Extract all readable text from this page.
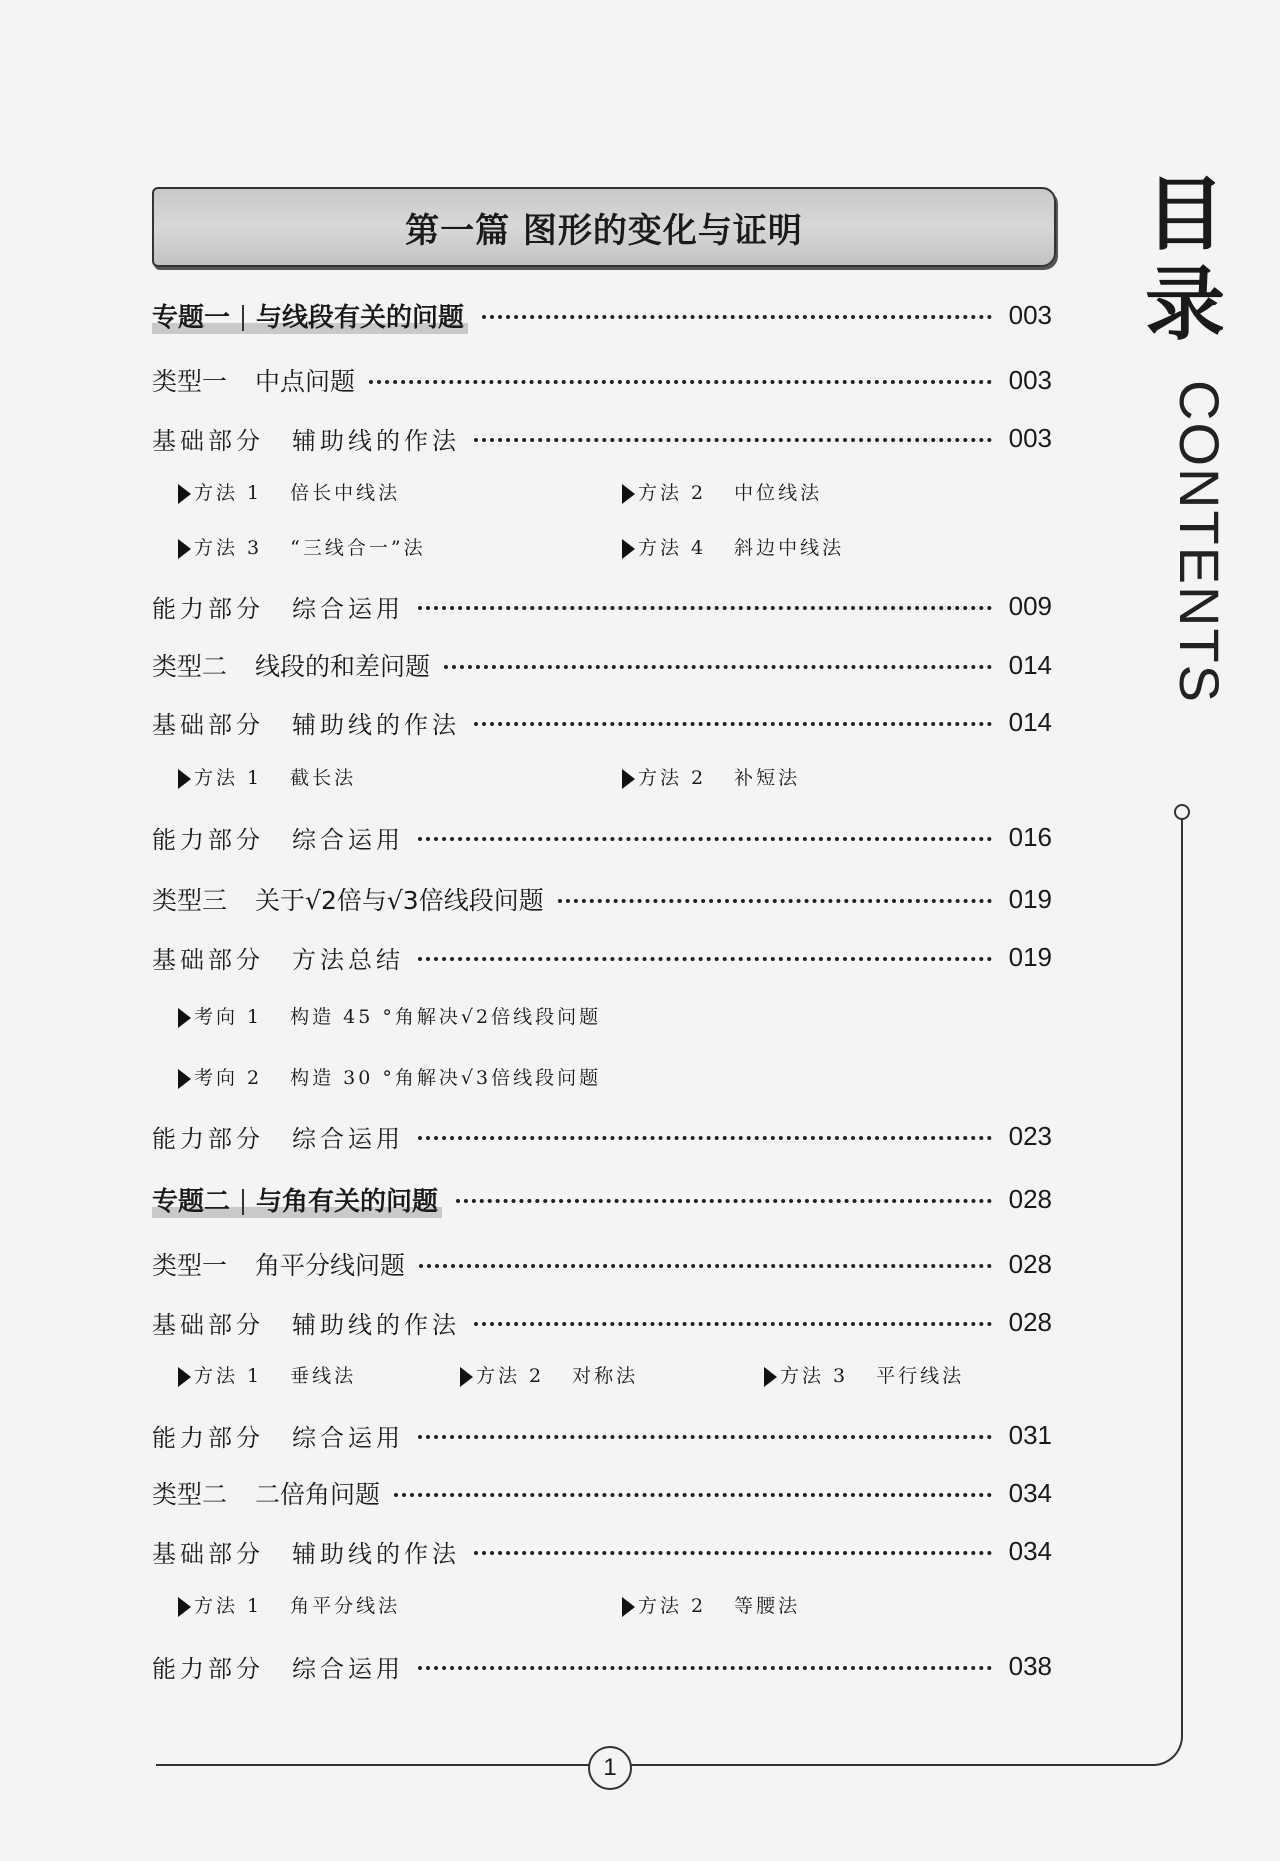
第一篇 图形的变化与证明
专题一 与线段有关的问题	003
类型一 中点问题	003
基础部分 辅助线的作法	003
方法 1 倍长中线法	方法 2 中位线法
方法 3 “三线合一”法	方法 4 斜边中线法
能力部分 综合运用	009
类型二 线段的和差问题	014
基础部分 辅助线的作法	014
方法 1 截长法	方法 2 补短法
能力部分 综合运用	016
类型三 关于√2倍与√3倍线段问题	019
基础部分 方法总结	019
考向 1 构造 45 °角解决√2倍线段问题
考向 2 构造 30 °角解决√3倍线段问题
能力部分 综合运用	023
专题二 与角有关的问题	028
类型一 角平分线问题	028
基础部分 辅助线的作法	028
方法 1 垂线法	方法 2 对称法	方法 3 平行线法
能力部分 综合运用	031
类型二 二倍角问题	034
基础部分 辅助线的作法	034
方法 1 角平分线法	方法 2 等腰法
能力部分 综合运用	038
目录
CONTENTS
1
